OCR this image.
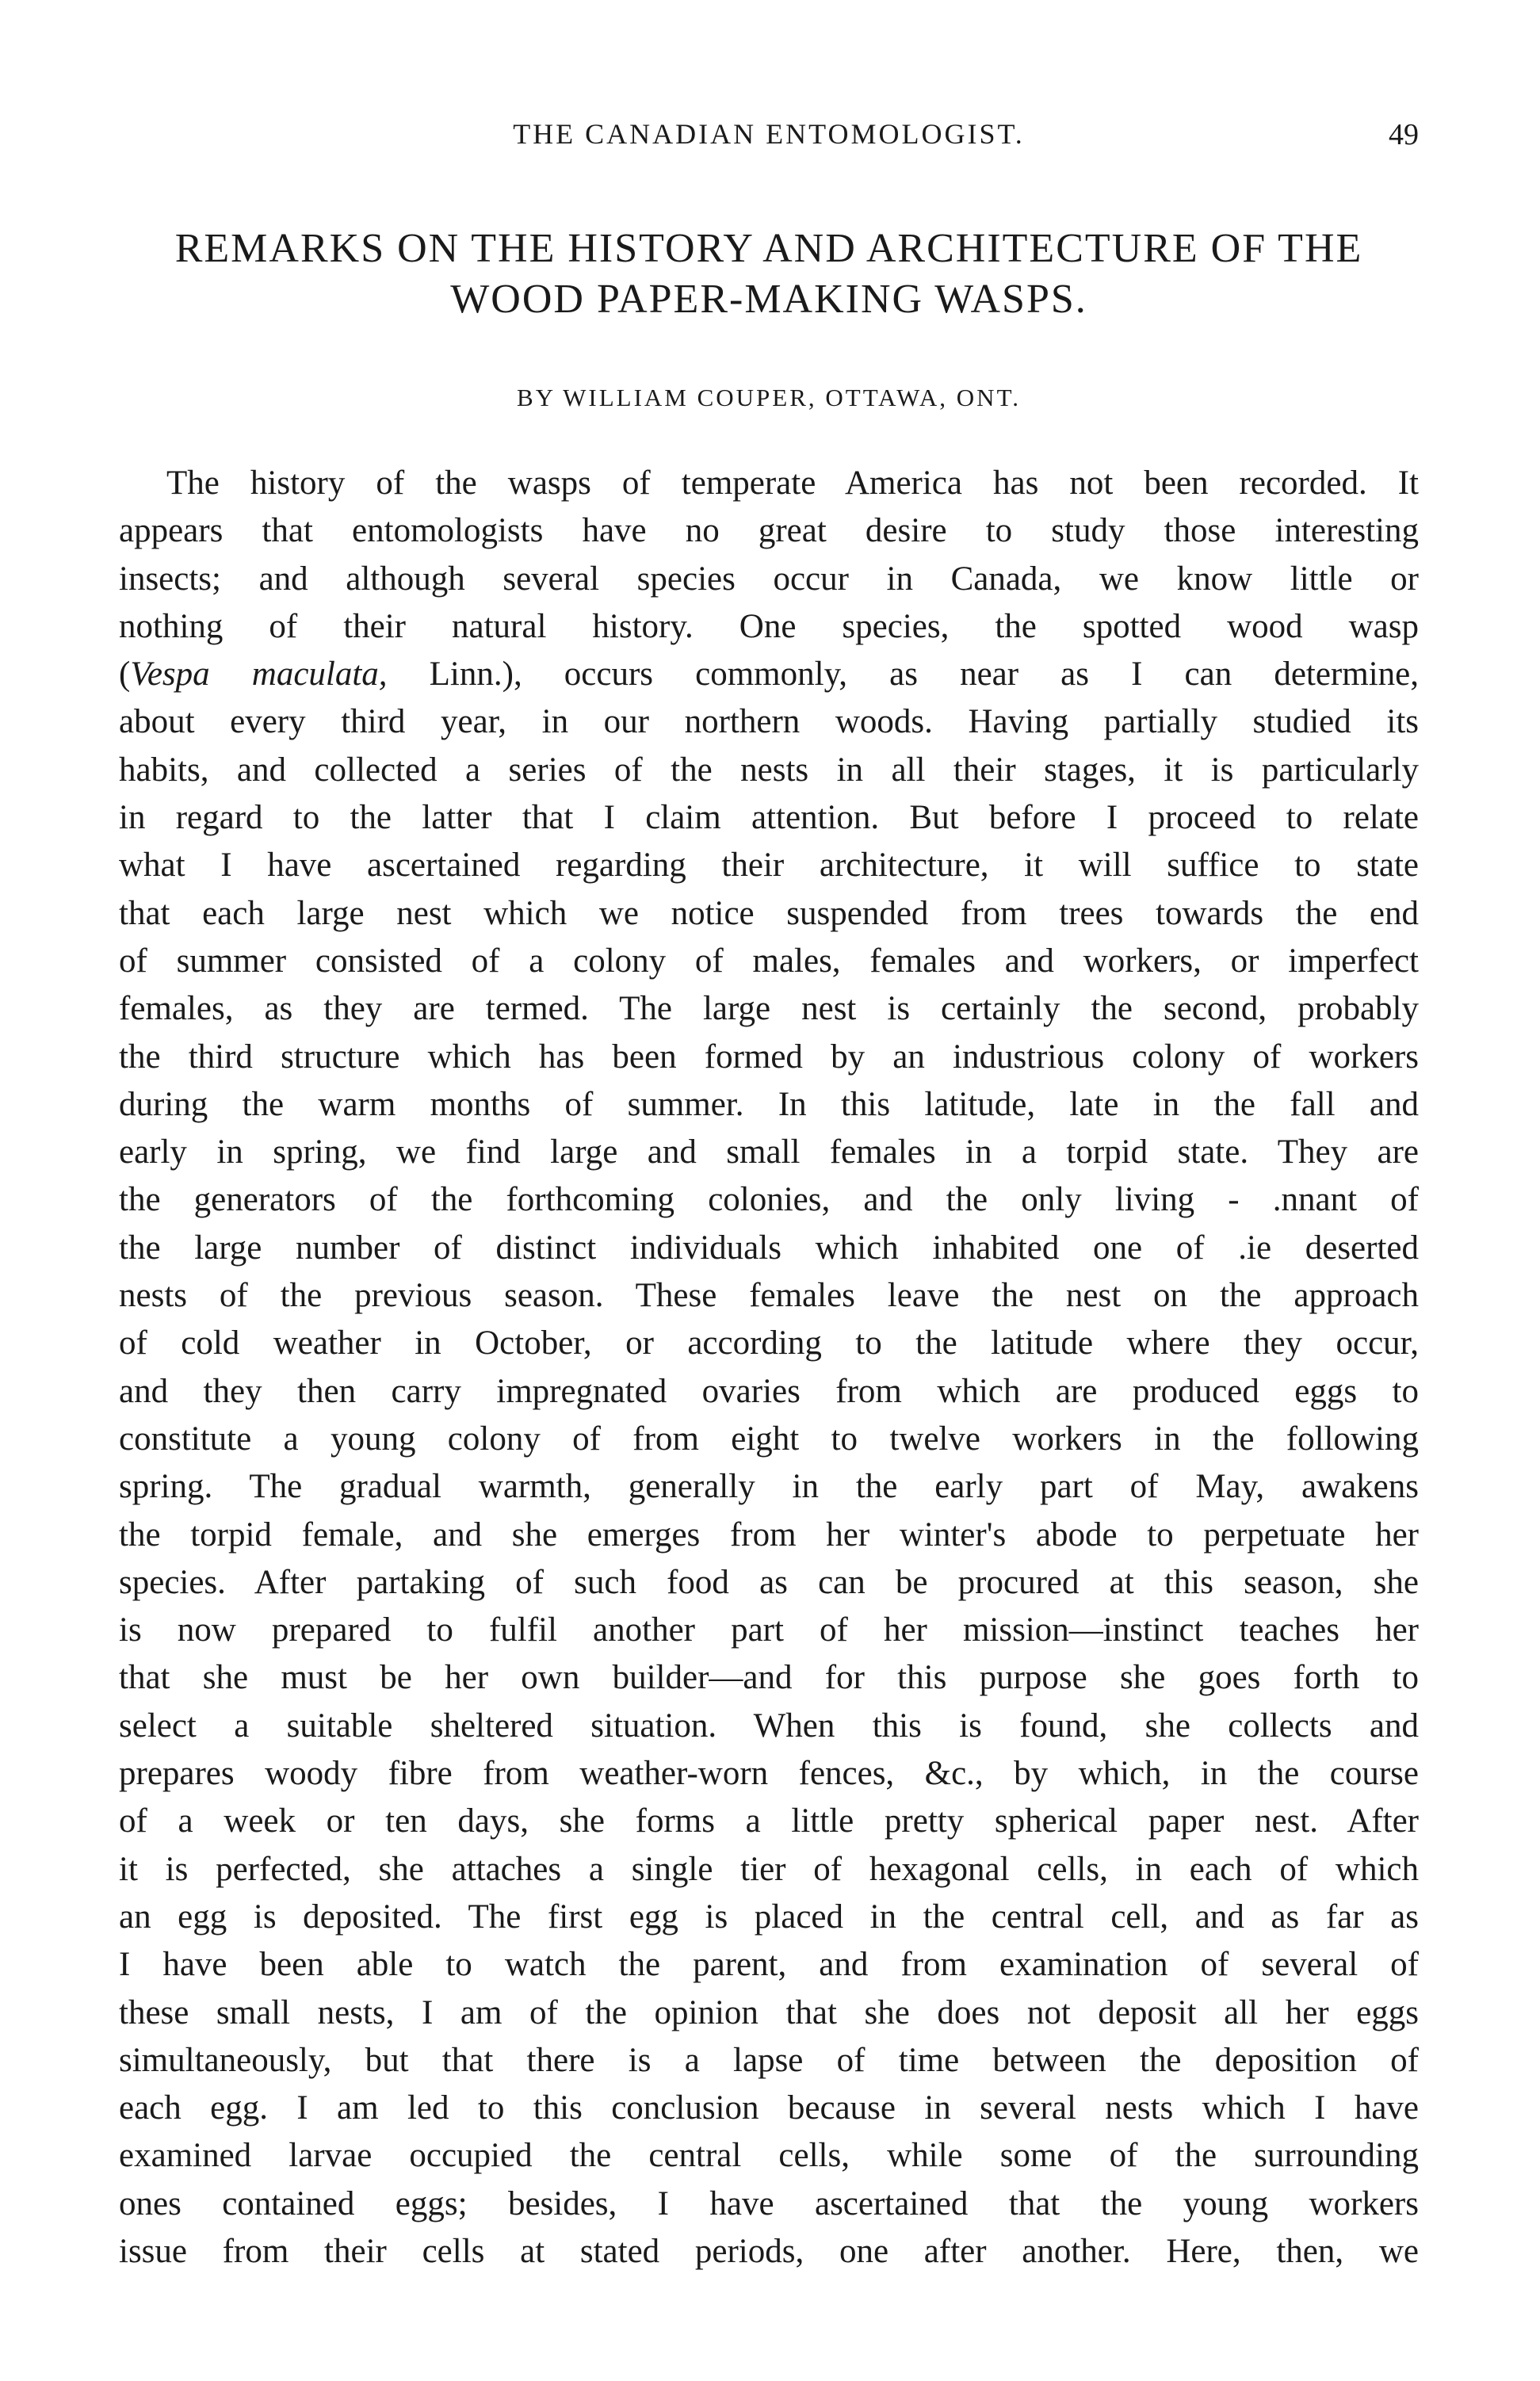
THE CANADIAN ENTOMOLOGIST.	49
REMARKS ON THE HISTORY AND ARCHITECTURE OF THE
WOOD PAPER-MAKING WASPS.
BY WILLIAM COUPER, OTTAWA, ONT.
The history of the wasps of temperate America has not been recorded. It
appears that entomologists have no great desire to study those interesting
insects; and although several species occur in Canada, we know little or
nothing of their natural history. One species, the spotted wood wasp
(Vespa maculata, Linn.), occurs commonly, as near as I can determine,
about every third year, in our northern woods. Having partially studied its
habits, and collected a series of the nests in all their stages, it is particularly
in regard to the latter that I claim attention. But before I proceed to relate
what I have ascertained regarding their architecture, it will suffice to state
that each large nest which we notice suspended from trees towards the end
of summer consisted of a colony of males, females and workers, or imperfect
females, as they are termed. The large nest is certainly the second, probably
the third structure which has been formed by an industrious colony of workers
during the warm months of summer. In this latitude, late in the fall and
early in spring, we find large and small females in a torpid state. They are
the generators of the forthcoming colonies, and the only living - .nnant of
the large number of distinct individuals which inhabited one of .ie deserted
nests of the previous season. These females leave the nest on the approach
of cold weather in October, or according to the latitude where they occur,
and they then carry impregnated ovaries from which are produced eggs to
constitute a young colony of from eight to twelve workers in the following
spring. The gradual warmth, generally in the early part of May, awakens
the torpid female, and she emerges from her winter's abode to perpetuate her
species. After partaking of such food as can be procured at this season, she
is now prepared to fulfil another part of her mission—instinct teaches her
that she must be her own builder—and for this purpose she goes forth to
select a suitable sheltered situation. When this is found, she collects and
prepares woody fibre from weather-worn fences, &c., by which, in the course
of a week or ten days, she forms a little pretty spherical paper nest. After
it is perfected, she attaches a single tier of hexagonal cells, in each of which
an egg is deposited. The first egg is placed in the central cell, and as far as
I have been able to watch the parent, and from examination of several of
these small nests, I am of the opinion that she does not deposit all her eggs
simultaneously, but that there is a lapse of time between the deposition of
each egg. I am led to this conclusion because in several nests which I have
examined larvae occupied the central cells, while some of the surrounding
ones contained eggs; besides, I have ascertained that the young workers
issue from their cells at stated periods, one after another. Here, then, we
